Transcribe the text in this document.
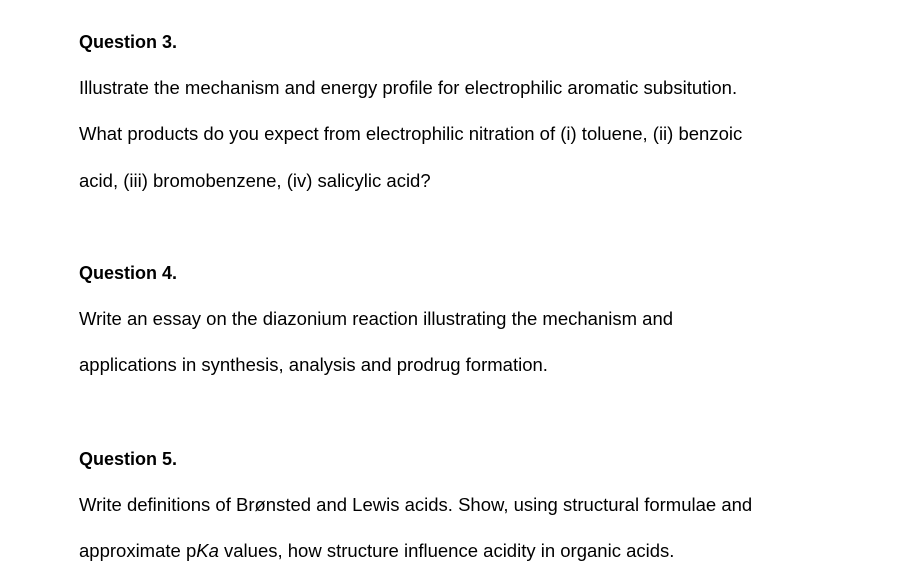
Question 3.

Illustrate the mechanism and energy profile for electrophilic aromatic subsitution.

What products do you expect from electrophilic nitration of (i) toluene, (ii) benzoic

acid, (iii) bromobenzene, (iv) salicylic acid?

Question 4.

Write an essay on the diazonium reaction illustrating the mechanism and

applications in synthesis, analysis and prodrug formation.

Question 5.

Write definitions of Brønsted and Lewis acids. Show, using structural formulae and

approximate pKa values, how structure influence acidity in organic acids.
